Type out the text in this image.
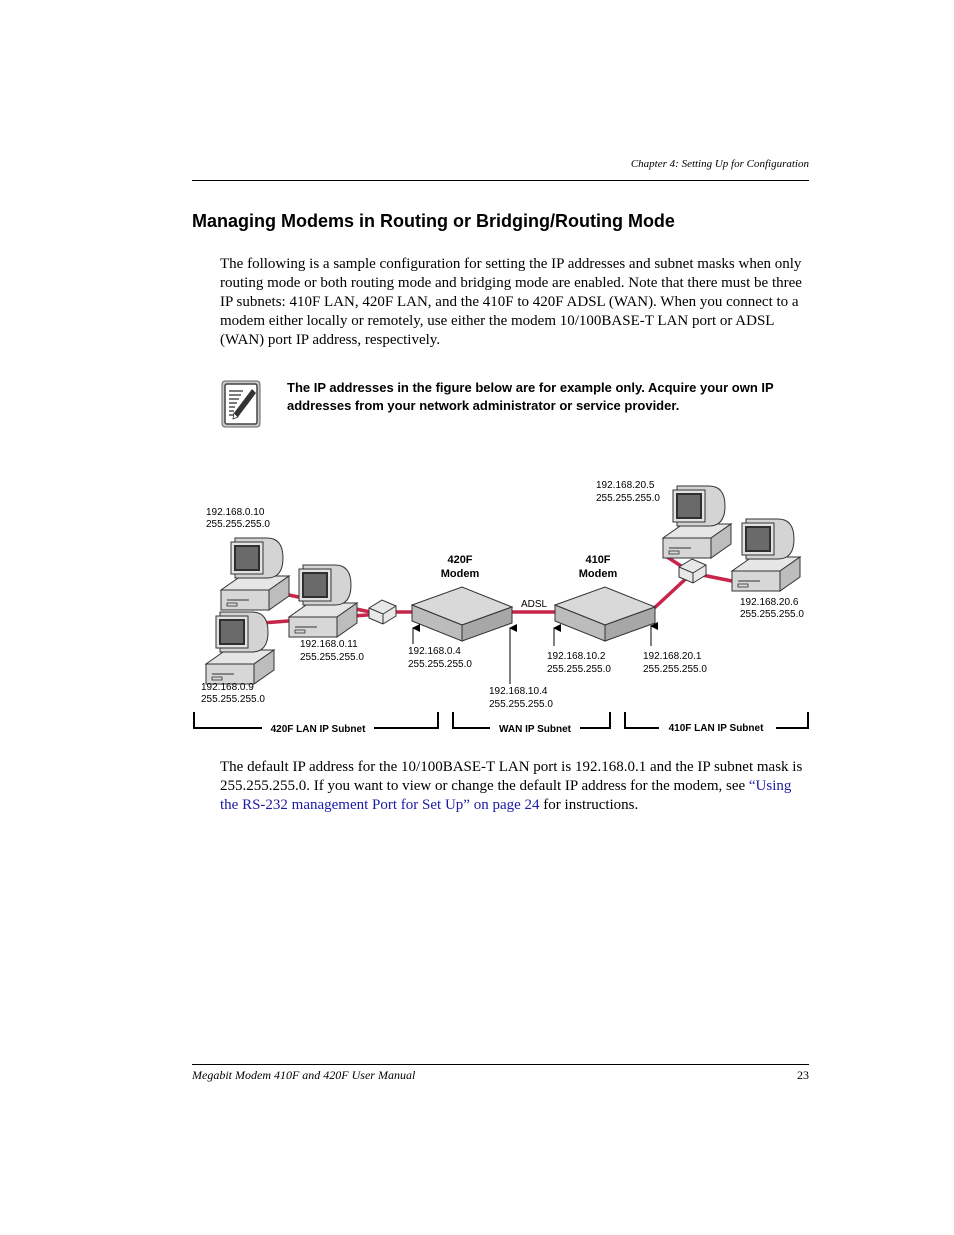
Chapter 4: Setting Up for Configuration
Managing Modems in Routing or Bridging/Routing Mode
The following is a sample configuration for setting the IP addresses and subnet masks when only routing mode or both routing mode and bridging mode are enabled. Note that there must be three IP subnets: 410F LAN, 420F LAN, and the 410F to 420F ADSL (WAN). When you connect to a modem either locally or remotely, use either the modem 10/100BASE-T LAN port or ADSL (WAN) port IP address, respectively.
The IP addresses in the figure below are for example only. Acquire your own IP addresses from your network administrator or service provider.
420F
Modem
410F
Modem
ADSL
192.168.0.10
255.255.255.0
192.168.0.11
255.255.255.0
192.168.0.9
255.255.255.0
192.168.0.4
255.255.255.0
192.168.10.4
255.255.255.0
192.168.10.2
255.255.255.0
192.168.20.1
255.255.255.0
192.168.20.5
255.255.255.0
192.168.20.6
255.255.255.0
420F LAN IP Subnet	WAN IP Subnet	410F LAN IP Subnet
The default IP address for the 10/100BASE-T LAN port is 192.168.0.1 and the IP subnet mask is 255.255.255.0. If you want to view or change the default IP address for the modem, see “Using the RS-232 management Port for Set Up” on page 24 for instructions.
Megabit Modem 410F and 420F User Manual	23
